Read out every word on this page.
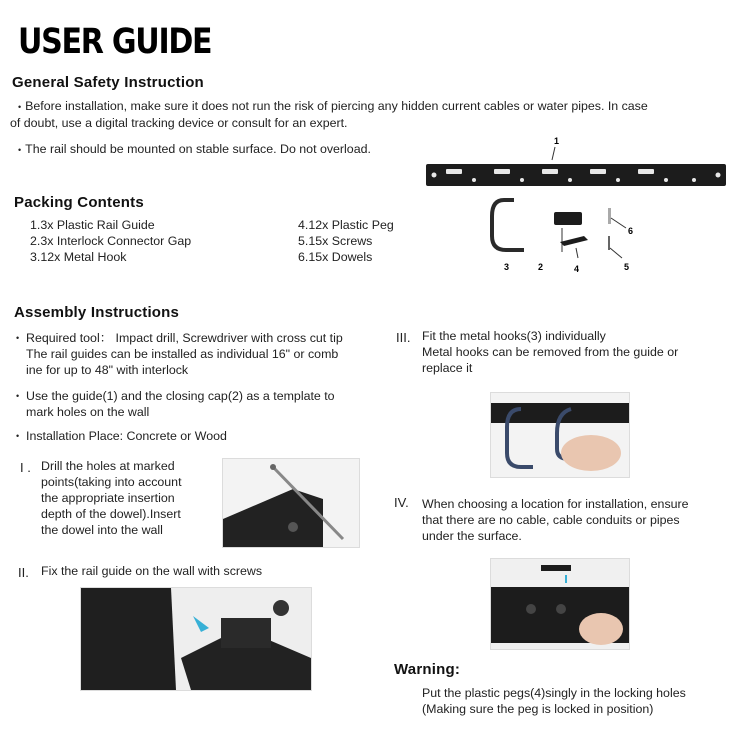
USER GUIDE
General Safety Instruction
• Before installation, make sure it does not run the risk of piercing any hidden current cables or water pipes. In case
of doubt, use a digital tracking device or consult for an expert.
• The rail should be mounted on stable surface. Do not overload.
1
3	2	4
6
5
Packing Contents
1.3x Plastic Rail Guide
2.3x Interlock Connector Gap
3.12x Metal Hook
4.12x Plastic Peg
5.15x Screws
6.15x Dowels
Assembly Instructions
• Required tool： Impact drill, Screwdriver with cross cut tip
The rail guides can be installed as individual 16" or comb
ine for up to 48" with interlock
• Use the guide(1) and the closing cap(2) as a template to
mark holes on the wall
• Installation Place: Concrete or Wood
I . Drill the holes at marked
points(taking into account
the appropriate insertion
depth of the dowel).Insert
the dowel into the wall
II. Fix the rail guide on the wall with screws
III. Fit the metal hooks(3) individually
Metal hooks can be removed from the guide or
replace it
IV. When choosing a location for installation, ensure
that there are no cable, cable conduits or pipes
under the surface.
Warning:
Put the plastic pegs(4)singly in the locking holes
(Making sure the peg is locked in position)
